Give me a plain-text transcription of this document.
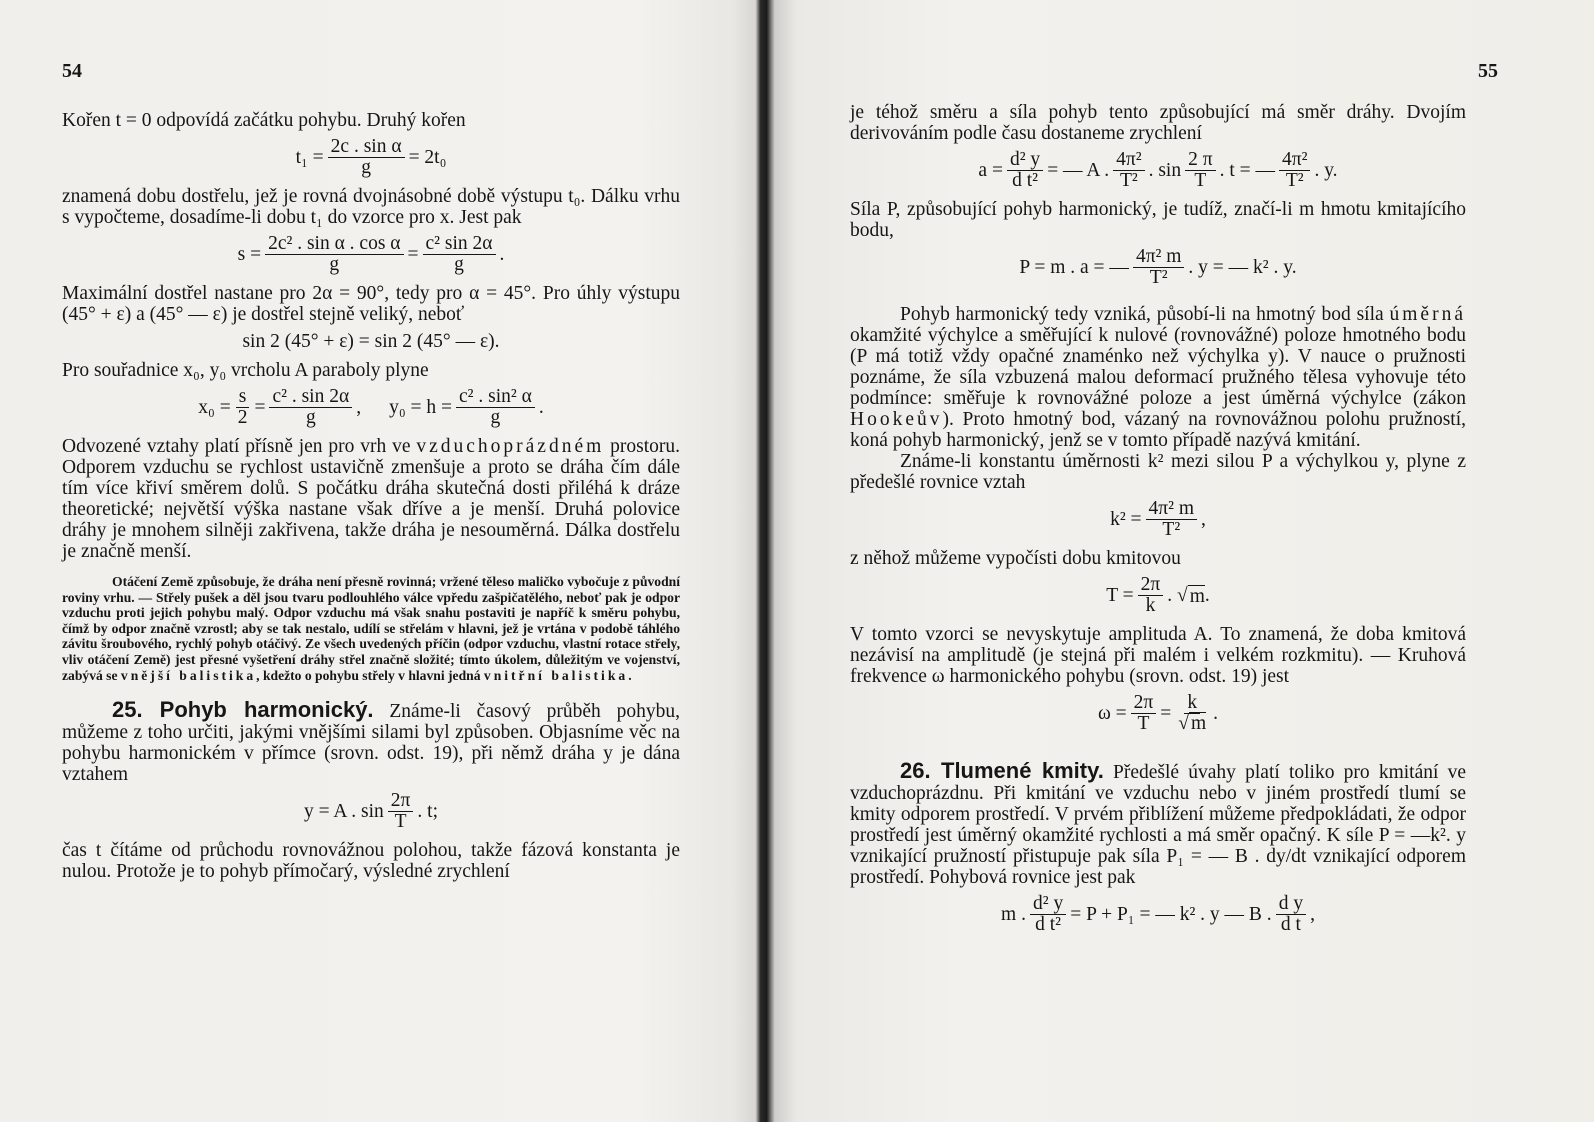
54

Kořen t = 0 odpovídá začátku pohybu. Druhý kořen

$t_1 = \frac{\text{2c . sin α}}{g} = 2t_0$

znamená dobu dostřelu, jež je rovná dvojnásobné době výstupu t₀. Dálku vrhu s vypočteme, dosadíme-li dobu t₁ do vzorce pro x. Jest pak

$s = \frac{\text{2c² . sin α . cos α}}{g} = \frac{\text{c² sin 2α}}{g}$ .

Maximální dostřel nastane pro 2α = 90°, tedy pro α = 45°. Pro úhly výstupu (45° + ε) a (45° — ε) je dostřel stejně veliký, neboť

sin 2 (45° + ε) = sin 2 (45° — ε).

Pro souřadnice x₀, y₀ vrcholu A paraboly plyne

$x_0 = \frac{s}{2} = \frac{\text{c² . sin 2α}}{g}$ , $y_0 = h = \frac{\text{c² . sin² α}}{g}$ .

Odvozené vztahy platí přísně jen pro vrh ve vzduchoprázdném prostoru. Odporem vzduchu se rychlost ustavičně zmenšuje a proto se dráha čím dále tím více křiví směrem dolů. S počátku dráha skutečná dosti přiléhá k dráze theoretické; největší výška nastane však dříve a je menší. Druhá polovice dráhy je mnohem silněji zakřivena, takže dráha je nesouměrná. Dálka dostřelu je značně menší.

Otáčení Země způsobuje, že dráha není přesně rovinná; vržené těleso maličko vybočuje z původní roviny vrhu. — Střely pušek a děl jsou tvaru podlouhlého válce vpředu zašpičatělého, neboť pak je odpor vzduchu proti jejich pohybu malý. Odpor vzduchu má však snahu postaviti je napříč k směru pohybu, čímž by odpor značně vzrostl; aby se tak nestalo, udílí se střelám v hlavni, jež je vrtána v podobě táhlého závitu šroubového, rychlý pohyb otáčivý. Ze všech uvedených příčin (odpor vzduchu, vlastní rotace střely, vliv otáčení Země) jest přesné vyšetření dráhy střel značně složité; tímto úkolem, důležitým ve vojenství, zabývá se vnější balistika, kdežto o pohybu střely v hlavni jedná vnitřní balistika.

25. Pohyb harmonický. Známe-li časový průběh pohybu, můžeme z toho určiti, jakými vnějšími silami byl způsoben. Objasníme věc na pohybu harmonickém v přímce (srovn. odst. 19), při němž dráha y je dána vztahem

y = A . $\sin \frac{2\pi}{T}$ . t;

čas t čítáme od průchodu rovnovážnou polohou, takže fázová konstanta je nulou. Protože je to pohyb přímočarý, výsledné zrychlení

55

je téhož směru a síla pohyb tento způsobující má směr dráhy. Dvojím derivováním podle času dostaneme zrychlení

$a = \frac{\text{d² y}}{\text{d t²}}$ = — A . $\frac{\text{4π²}}{\text{T²}}$ . $\sin \frac{2 \pi}{T}$ . t = — $\frac{\text{4π²}}{\text{T²}}$ . y.

Síla P, způsobující pohyb harmonický, je tudíž, značí-li m hmotu kmitajícího bodu,

P = m . a = — $\frac{\text{4π² m}}{\text{T²}}$ . y = — k² . y.

Pohyb harmonický tedy vzniká, působí-li na hmotný bod síla úměrná okamžité výchylce a směřující k nulové (rovnovážné) poloze hmotného bodu (P má totiž vždy opačné znaménko než výchylka y). V nauce o pružnosti poznáme, že síla vzbuzená malou deformací pružného tělesa vyhovuje této podmínce: směřuje k rovnovážné poloze a jest úměrná výchylce (zákon Hookeův). Proto hmotný bod, vázaný na rovnovážnou polohu pružností, koná pohyb harmonický, jenž se v tomto případě nazývá kmitání.

Známe-li konstantu úměrnosti k² mezi silou P a výchylkou y, plyne z předešlé rovnice vztah

$k^2 = \frac{\text{4π² m}}{\text{T²}}$ ,

z něhož můžeme vypočísti dobu kmitovou

$T = \frac{2\pi}{k}$ . √ m .

V tomto vzorci se nevyskytuje amplituda A. To znamená, že doba kmitová nezávisí na amplitudě (je stejná při malém i velkém rozkmitu). — Kruhová frekvence ω harmonického pohybu (srovn. odst. 19) jest

$\omega = \frac{2\pi}{T} = \frac{k}{√ m}$ .

26. Tlumené kmity. Předešlé úvahy platí toliko pro kmitání ve vzduchoprázdnu. Při kmitání ve vzduchu nebo v jiném prostředí tlumí se kmity odporem prostředí. V prvém přiblížení můžeme předpokládati, že odpor prostředí jest úměrný okamžité rychlosti a má směr opačný. K síle P = —k². y vznikající pružností přistupuje pak síla P₁ = — B . dy/dt vznikající odporem prostředí. Pohybová rovnice jest pak

m . $\frac{\text{d² y}}{\text{d t²}} = P + P_1$ = — k² . y — B . $\frac{\text{d y}}{\text{d t}}$ ,
